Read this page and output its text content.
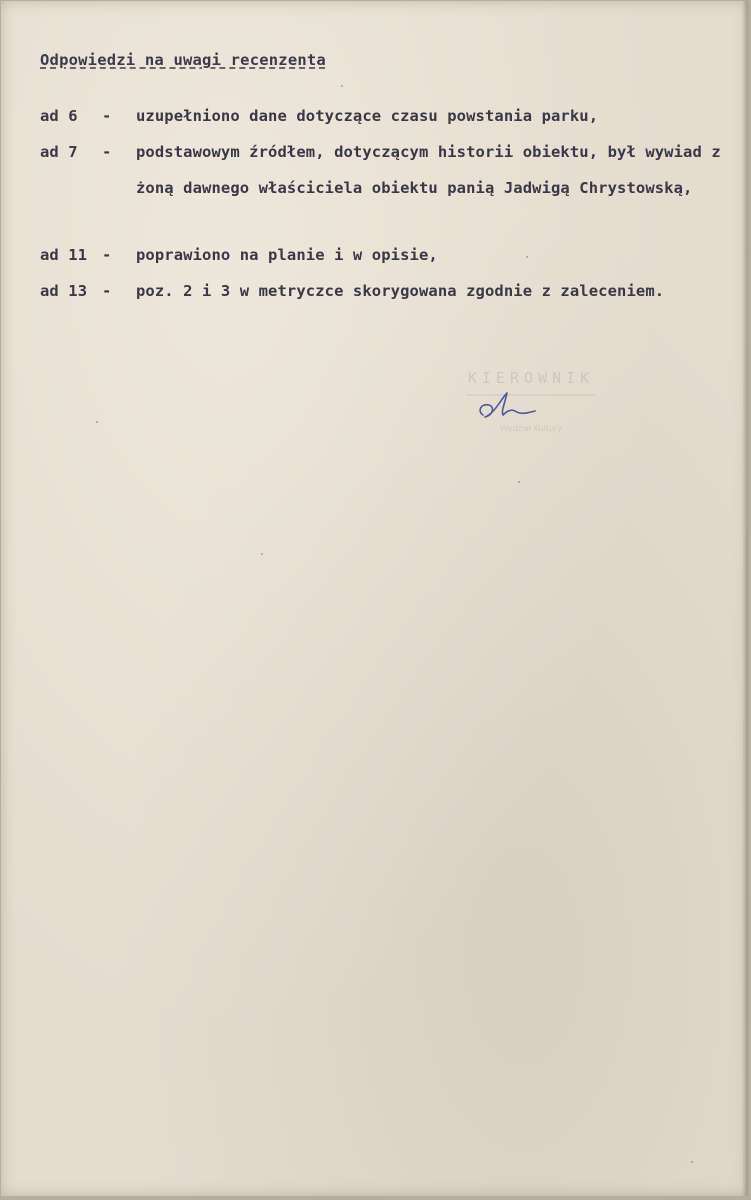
Odpowiedzi na uwagi recenzenta

ad 6 - uzupełniono dane dotyczące czasu powstania parku,
ad 7 - podstawowym źródłem, dotyczącym historii obiektu, był wywiad z żoną dawnego właściciela obiektu panią Jadwigą Chrystowską,
ad 11 - poprawiono na planie i w opisie,
ad 13 - poz. 2 i 3 w metryczce skorygowana zgodnie z zaleceniem.
KIEROWNIK
Wydział Kultury
